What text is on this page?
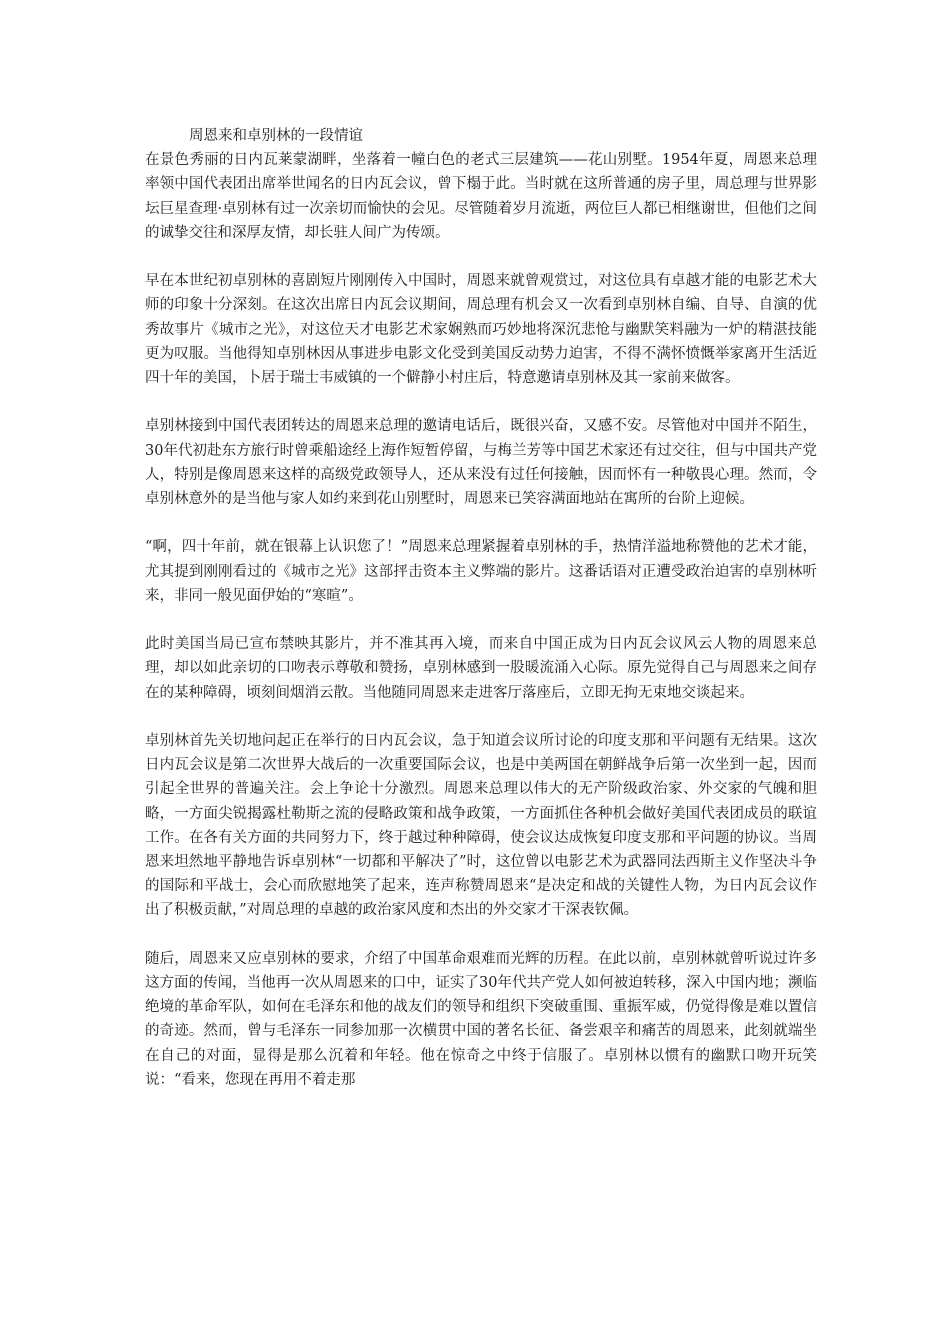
周恩来和卓别林的一段情谊

在景色秀丽的日内瓦莱蒙湖畔，坐落着一幢白色的老式三层建筑——花山别墅。1954年夏，周恩来总理率领中国代表团出席举世闻名的日内瓦会议，曾下榻于此。当时就在这所普通的房子里，周总理与世界影坛巨星查理·卓别林有过一次亲切而愉快的会见。尽管随着岁月流逝，两位巨人都已相继谢世，但他们之间的诚挚交往和深厚友情，却长驻人间广为传颂。

早在本世纪初卓别林的喜剧短片刚刚传入中国时，周恩来就曾观赏过，对这位具有卓越才能的电影艺术大师的印象十分深刻。在这次出席日内瓦会议期间，周总理有机会又一次看到卓别林自编、自导、自演的优秀故事片《城市之光》，对这位天才电影艺术家娴熟而巧妙地将深沉悲怆与幽默笑料融为一炉的精湛技能更为叹服。当他得知卓别林因从事进步电影文化受到美国反动势力迫害，不得不满怀愤慨举家离开生活近四十年的美国，卜居于瑞士韦威镇的一个僻静小村庄后，特意邀请卓别林及其一家前来做客。

卓别林接到中国代表团转达的周恩来总理的邀请电话后，既很兴奋，又感不安。尽管他对中国并不陌生，30年代初赴东方旅行时曾乘船途经上海作短暂停留，与梅兰芳等中国艺术家还有过交往，但与中国共产党人，特别是像周恩来这样的高级党政领导人，还从来没有过任何接触，因而怀有一种敬畏心理。然而，令卓别林意外的是当他与家人如约来到花山别墅时，周恩来已笑容满面地站在寓所的台阶上迎候。

“啊，四十年前，就在银幕上认识您了！”周恩来总理紧握着卓别林的手，热情洋溢地称赞他的艺术才能，尤其提到刚刚看过的《城市之光》这部抨击资本主义弊端的影片。这番话语对正遭受政治迫害的卓别林听来，非同一般见面伊始的“寒暄”。

此时美国当局已宣布禁映其影片，并不准其再入境，而来自中国正成为日内瓦会议风云人物的周恩来总理，却以如此亲切的口吻表示尊敬和赞扬，卓别林感到一股暖流涌入心际。原先觉得自己与周恩来之间存在的某种障碍，顷刻间烟消云散。当他随同周恩来走进客厅落座后，立即无拘无束地交谈起来。

卓别林首先关切地问起正在举行的日内瓦会议，急于知道会议所讨论的印度支那和平问题有无结果。这次日内瓦会议是第二次世界大战后的一次重要国际会议，也是中美两国在朝鲜战争后第一次坐到一起，因而引起全世界的普遍关注。会上争论十分激烈。周恩来总理以伟大的无产阶级政治家、外交家的气魄和胆略，一方面尖锐揭露杜勒斯之流的侵略政策和战争政策，一方面抓住各种机会做好美国代表团成员的联谊工作。在各有关方面的共同努力下，终于越过种种障碍，使会议达成恢复印度支那和平问题的协议。当周恩来坦然地平静地告诉卓别林“一切都和平解决了”时，这位曾以电影艺术为武器同法西斯主义作坚决斗争的国际和平战士，会心而欣慰地笑了起来，连声称赞周恩来“是决定和战的关键性人物，为日内瓦会议作出了积极贡献，”对周总理的卓越的政治家风度和杰出的外交家才干深表钦佩。

随后，周恩来又应卓别林的要求，介绍了中国革命艰难而光辉的历程。在此以前，卓别林就曾听说过许多这方面的传闻，当他再一次从周恩来的口中，证实了30年代共产党人如何被迫转移，深入中国内地；濒临绝境的革命军队，如何在毛泽东和他的战友们的领导和组织下突破重围、重振军威，仍觉得像是难以置信的奇迹。然而，曾与毛泽东一同参加那一次横贯中国的著名长征、备尝艰辛和痛苦的周恩来，此刻就端坐在自己的对面，显得是那么沉着和年轻。他在惊奇之中终于信服了。卓别林以惯有的幽默口吻开玩笑说：“看来，您现在再用不着走那
